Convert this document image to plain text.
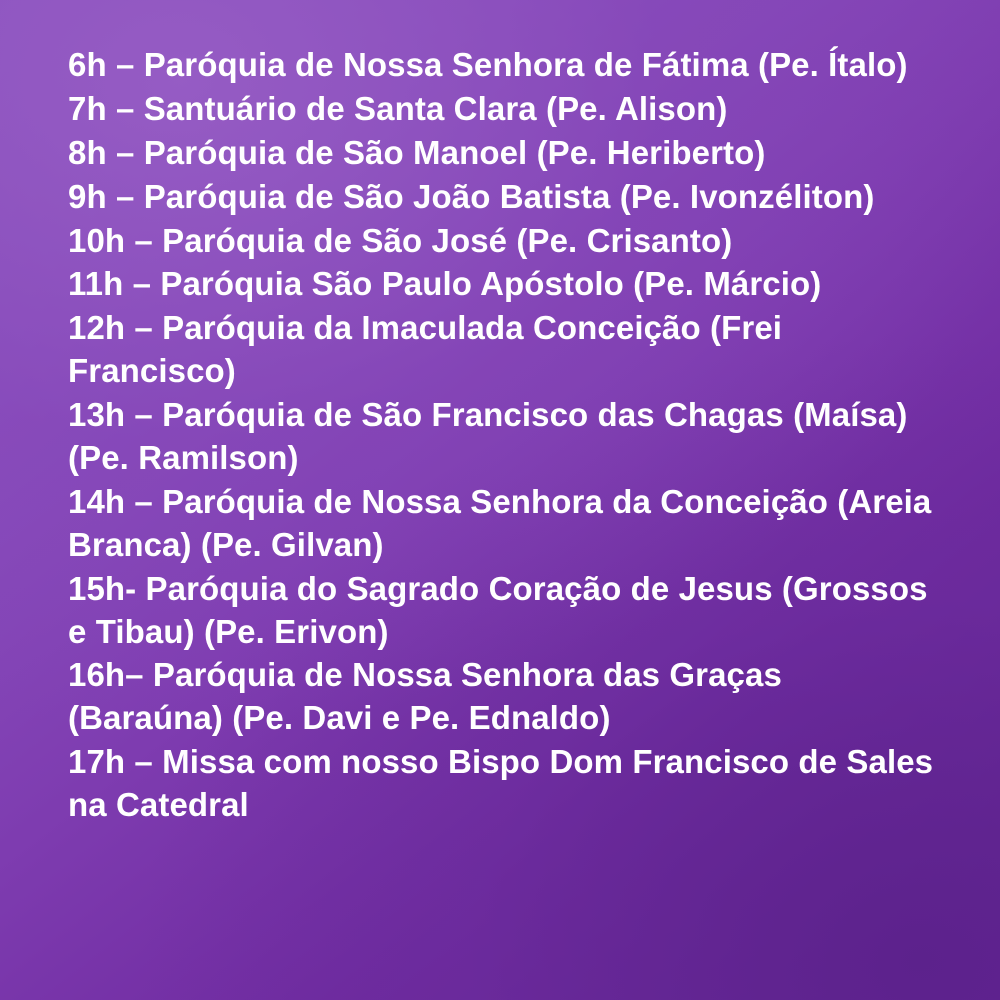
6h – Paróquia de Nossa Senhora de Fátima (Pe. Ítalo)
7h – Santuário de Santa Clara (Pe. Alison)
8h – Paróquia de São Manoel (Pe. Heriberto)
9h – Paróquia de São João Batista (Pe. Ivonzéliton)
10h – Paróquia de São José (Pe. Crisanto)
11h – Paróquia São Paulo Apóstolo (Pe. Márcio)
12h – Paróquia da Imaculada Conceição (Frei Francisco)
13h – Paróquia de São Francisco das Chagas (Maísa) (Pe. Ramilson)
14h – Paróquia de Nossa Senhora da Conceição (Areia Branca) (Pe. Gilvan)
15h- Paróquia do Sagrado Coração de Jesus (Grossos e Tibau) (Pe. Erivon)
16h– Paróquia de Nossa Senhora das Graças (Baraúna) (Pe. Davi e Pe. Ednaldo)
17h – Missa com nosso Bispo Dom Francisco de Sales na Catedral
